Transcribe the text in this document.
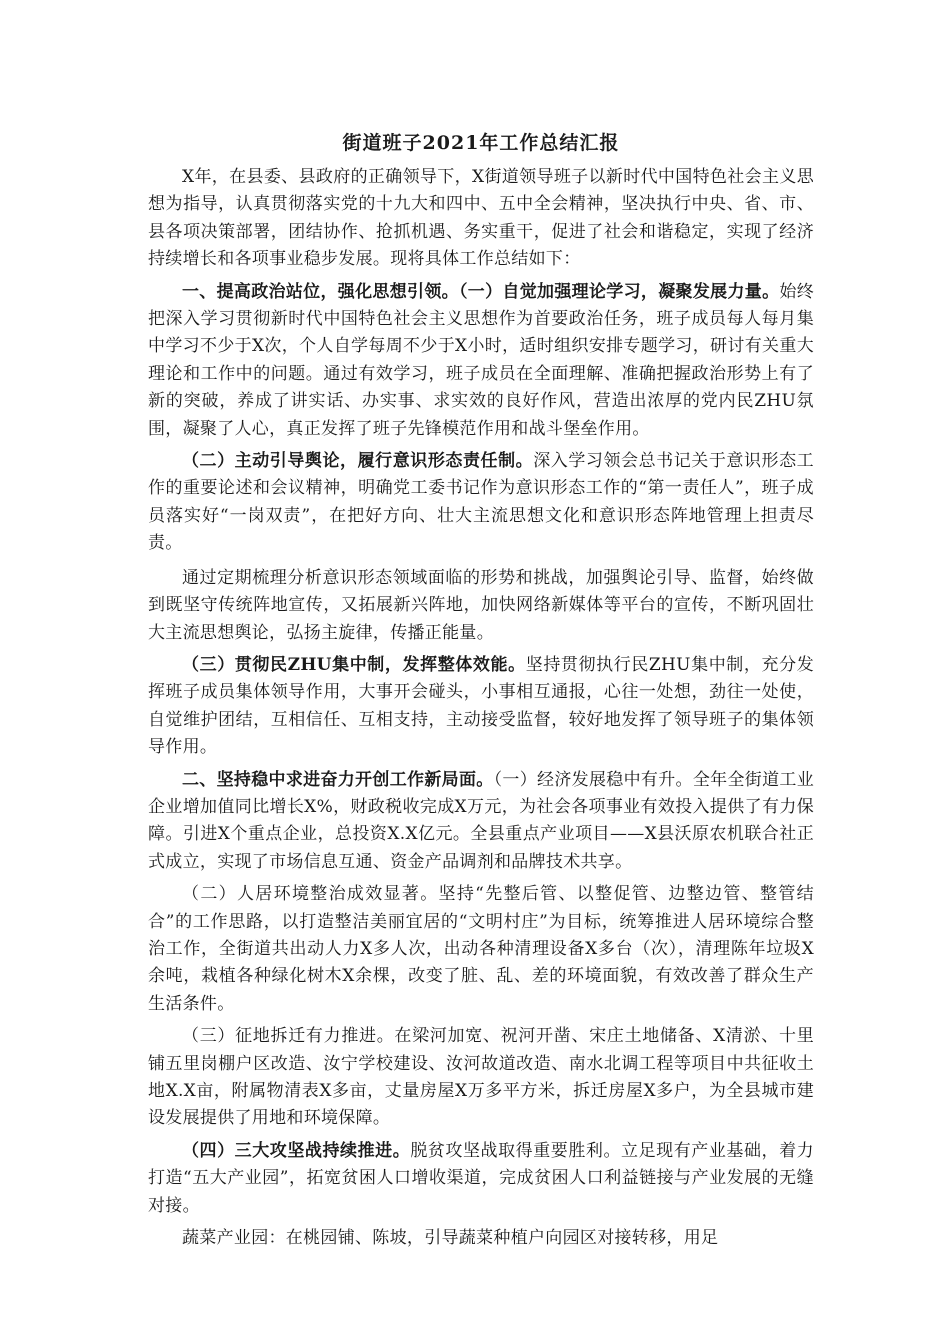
街道班子2021年工作总结汇报

X年，在县委、县政府的正确领导下，X街道领导班子以新时代中国特色社会主义思想为指导，认真贯彻落实党的十九大和四中、五中全会精神，坚决执行中央、省、市、县各项决策部署，团结协作、抢抓机遇、务实重干，促进了社会和谐稳定，实现了经济持续增长和各项事业稳步发展。现将具体工作总结如下：

一、提高政治站位，强化思想引领。（一）自觉加强理论学习，凝聚发展力量。始终把深入学习贯彻新时代中国特色社会主义思想作为首要政治任务，班子成员每人每月集中学习不少于X次，个人自学每周不少于X小时，适时组织安排专题学习，研讨有关重大理论和工作中的问题。通过有效学习，班子成员在全面理解、准确把握政治形势上有了新的突破，养成了讲实话、办实事、求实效的良好作风，营造出浓厚的党内民ZHU氛围，凝聚了人心，真正发挥了班子先锋模范作用和战斗堡垒作用。

（二）主动引导舆论，履行意识形态责任制。深入学习领会总书记关于意识形态工作的重要论述和会议精神，明确党工委书记作为意识形态工作的“第一责任人”，班子成员落实好“一岗双责”，在把好方向、壮大主流思想文化和意识形态阵地管理上担责尽责。

通过定期梳理分析意识形态领域面临的形势和挑战，加强舆论引导、监督，始终做到既坚守传统阵地宣传，又拓展新兴阵地，加快网络新媒体等平台的宣传，不断巩固壮大主流思想舆论，弘扬主旋律，传播正能量。

（三）贯彻民ZHU集中制，发挥整体效能。坚持贯彻执行民ZHU集中制，充分发挥班子成员集体领导作用，大事开会碰头，小事相互通报，心往一处想，劲往一处使，自觉维护团结，互相信任、互相支持，主动接受监督，较好地发挥了领导班子的集体领导作用。

二、坚持稳中求进奋力开创工作新局面。（一）经济发展稳中有升。全年全街道工业企业增加值同比增长X%，财政税收完成X万元，为社会各项事业有效投入提供了有力保障。引进X个重点企业，总投资X.X亿元。全县重点产业项目——X县沃原农机联合社正式成立，实现了市场信息互通、资金产品调剂和品牌技术共享。

（二）人居环境整治成效显著。坚持“先整后管、以整促管、边整边管、整管结合”的工作思路，以打造整洁美丽宜居的“文明村庄”为目标，统筹推进人居环境综合整治工作，全街道共出动人力X多人次，出动各种清理设备X多台（次），清理陈年垃圾X余吨，栽植各种绿化树木X余棵，改变了脏、乱、差的环境面貌，有效改善了群众生产生活条件。

（三）征地拆迁有力推进。在梁河加宽、祝河开凿、宋庄土地储备、X清淤、十里铺五里岗棚户区改造、汝宁学校建设、汝河故道改造、南水北调工程等项目中共征收土地X.X亩，附属物清表X多亩，丈量房屋X万多平方米，拆迁房屋X多户，为全县城市建设发展提供了用地和环境保障。

（四）三大攻坚战持续推进。脱贫攻坚战取得重要胜利。立足现有产业基础，着力打造“五大产业园”，拓宽贫困人口增收渠道，完成贫困人口利益链接与产业发展的无缝对接。

蔬菜产业园：在桃园铺、陈坡，引导蔬菜种植户向园区对接转移，用足
